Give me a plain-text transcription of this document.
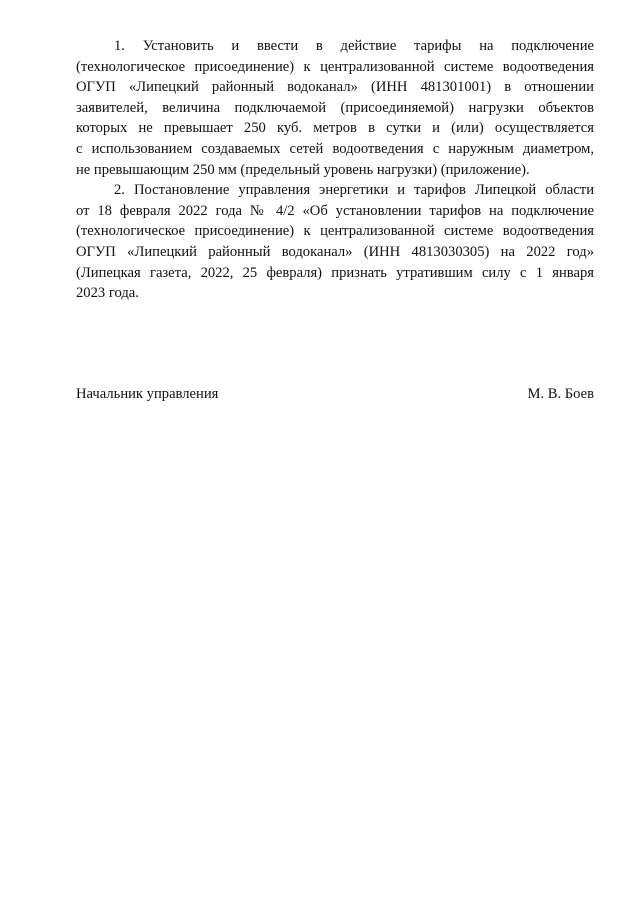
1. Установить и ввести в действие тарифы на подключение
(технологическое присоединение) к централизованной системе водоотведения
ОГУП «Липецкий районный водоканал» (ИНН 481301001) в отношении
заявителей, величина подключаемой (присоединяемой) нагрузки объектов
которых не превышает 250 куб. метров в сутки и (или) осуществляется
с использованием создаваемых сетей водоотведения с наружным диаметром,
не превышающим 250 мм (предельный уровень нагрузки) (приложение).
2. Постановление управления энергетики и тарифов Липецкой области
от 18 февраля 2022 года № 4/2 «Об установлении тарифов на подключение
(технологическое присоединение) к централизованной системе водоотведения
ОГУП «Липецкий районный водоканал» (ИНН 4813030305) на 2022 год»
(Липецкая газета, 2022, 25 февраля) признать утратившим силу с 1 января
2023 года.
Начальник управления	М. В. Боев
